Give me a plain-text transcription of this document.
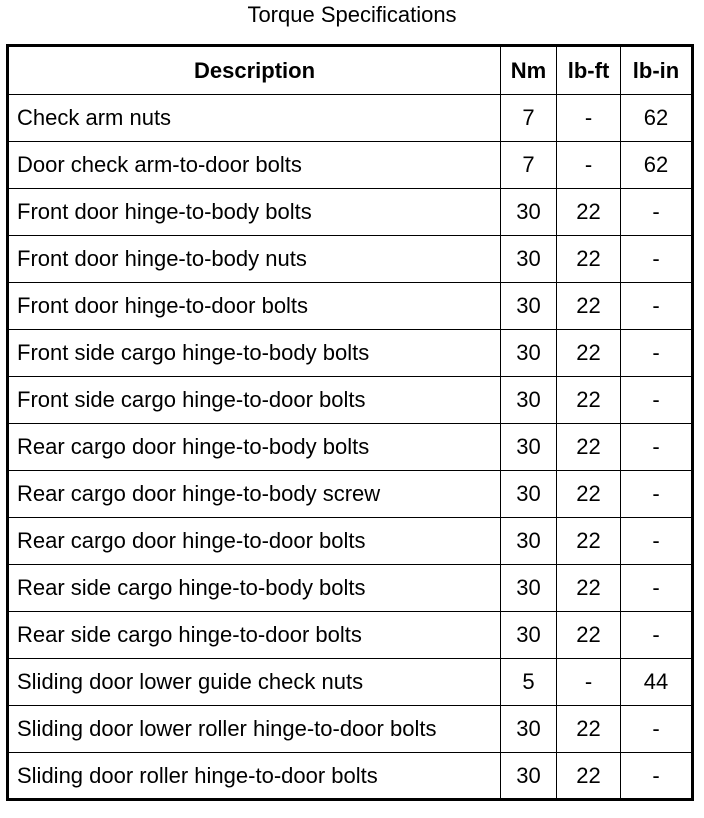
Torque Specifications
Description	Nm	lb-ft	lb-in
Check arm nuts	7	-	62
Door check arm-to-door bolts	7	-	62
Front door hinge-to-body bolts	30	22	-
Front door hinge-to-body nuts	30	22	-
Front door hinge-to-door bolts	30	22	-
Front side cargo hinge-to-body bolts	30	22	-
Front side cargo hinge-to-door bolts	30	22	-
Rear cargo door hinge-to-body bolts	30	22	-
Rear cargo door hinge-to-body screw	30	22	-
Rear cargo door hinge-to-door bolts	30	22	-
Rear side cargo hinge-to-body bolts	30	22	-
Rear side cargo hinge-to-door bolts	30	22	-
Sliding door lower guide check nuts	5	-	44
Sliding door lower roller hinge-to-door bolts	30	22	-
Sliding door roller hinge-to-door bolts	30	22	-
